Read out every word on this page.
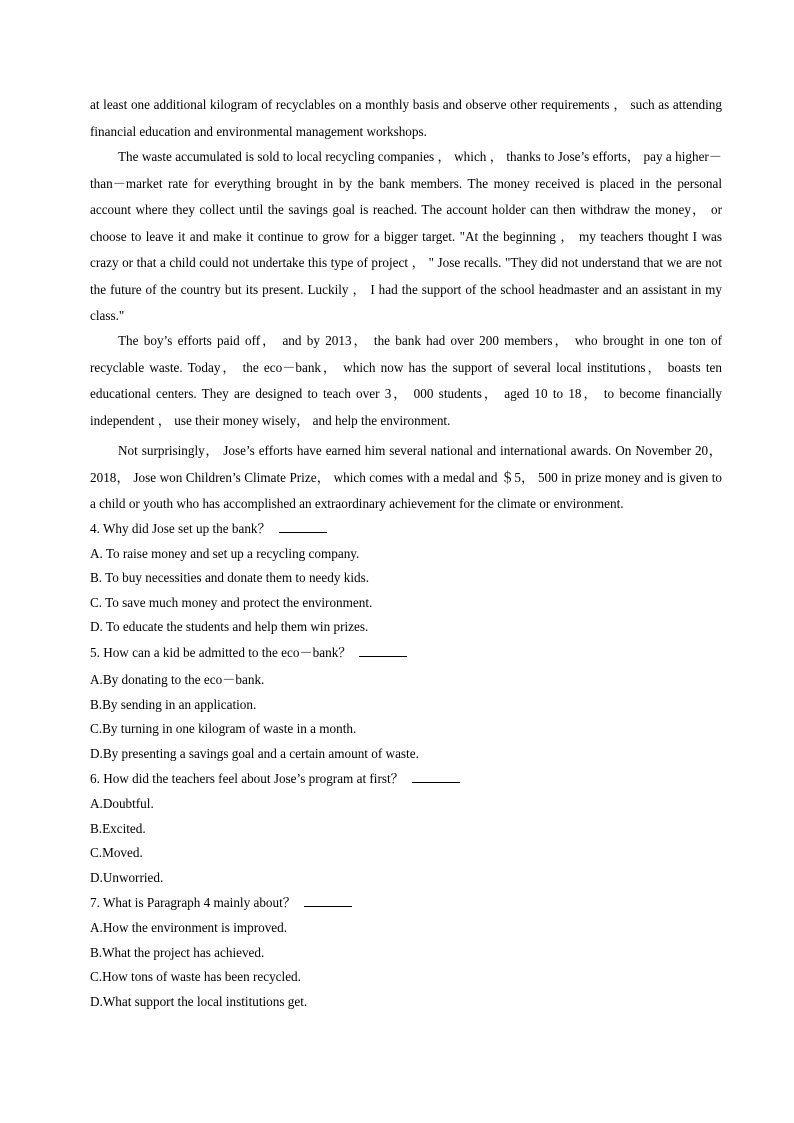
at least one additional kilogram of recyclables on a monthly basis and observe other requirements ， such as attending financial education and environmental management workshops.

The waste accumulated is sold to local recycling companies ， which ， thanks to Jose’s efforts， pay a higher－than－market rate for everything brought in by the bank members. The money received is placed in the personal account where they collect until the savings goal is reached. The account holder can then withdraw the money， or choose to leave it and make it continue to grow for a bigger target. "At the beginning ， my teachers thought I was crazy or that a child could not undertake this type of project ， " Jose recalls. "They did not understand that we are not the future of the country but its present. Luckily ， I had the support of the school headmaster and an assistant in my class."

The boy’s efforts paid off， and by 2013， the bank had over 200 members， who brought in one ton of recyclable waste. Today， the eco－bank， which now has the support of several local institutions， boasts ten educational centers. They are designed to teach over 3， 000 students， aged 10 to 18， to become financially independent ， use their money wisely， and help the environment.

Not surprisingly， Jose’s efforts have earned him several national and international awards. On November 20， 2018， Jose won Children’s Climate Prize， which comes with a medal and ＄5， 500 in prize money and is given to a child or youth who has accomplished an extraordinary achievement for the climate or environment.

4. Why did Jose set up the bank？
A. To raise money and set up a recycling company.
B. To buy necessities and donate them to needy kids.
C. To save much money and protect the environment.
D. To educate the students and help them win prizes.
5. How can a kid be admitted to the eco－bank？
A.By donating to the eco－bank.
B.By sending in an application.
C.By turning in one kilogram of waste in a month.
D.By presenting a savings goal and a certain amount of waste.
6. How did the teachers feel about Jose’s program at first？
A.Doubtful.
B.Excited.
C.Moved.
D.Unworried.
7. What is Paragraph 4 mainly about？
A.How the environment is improved.
B.What the project has achieved.
C.How tons of waste has been recycled.
D.What support the local institutions get.
